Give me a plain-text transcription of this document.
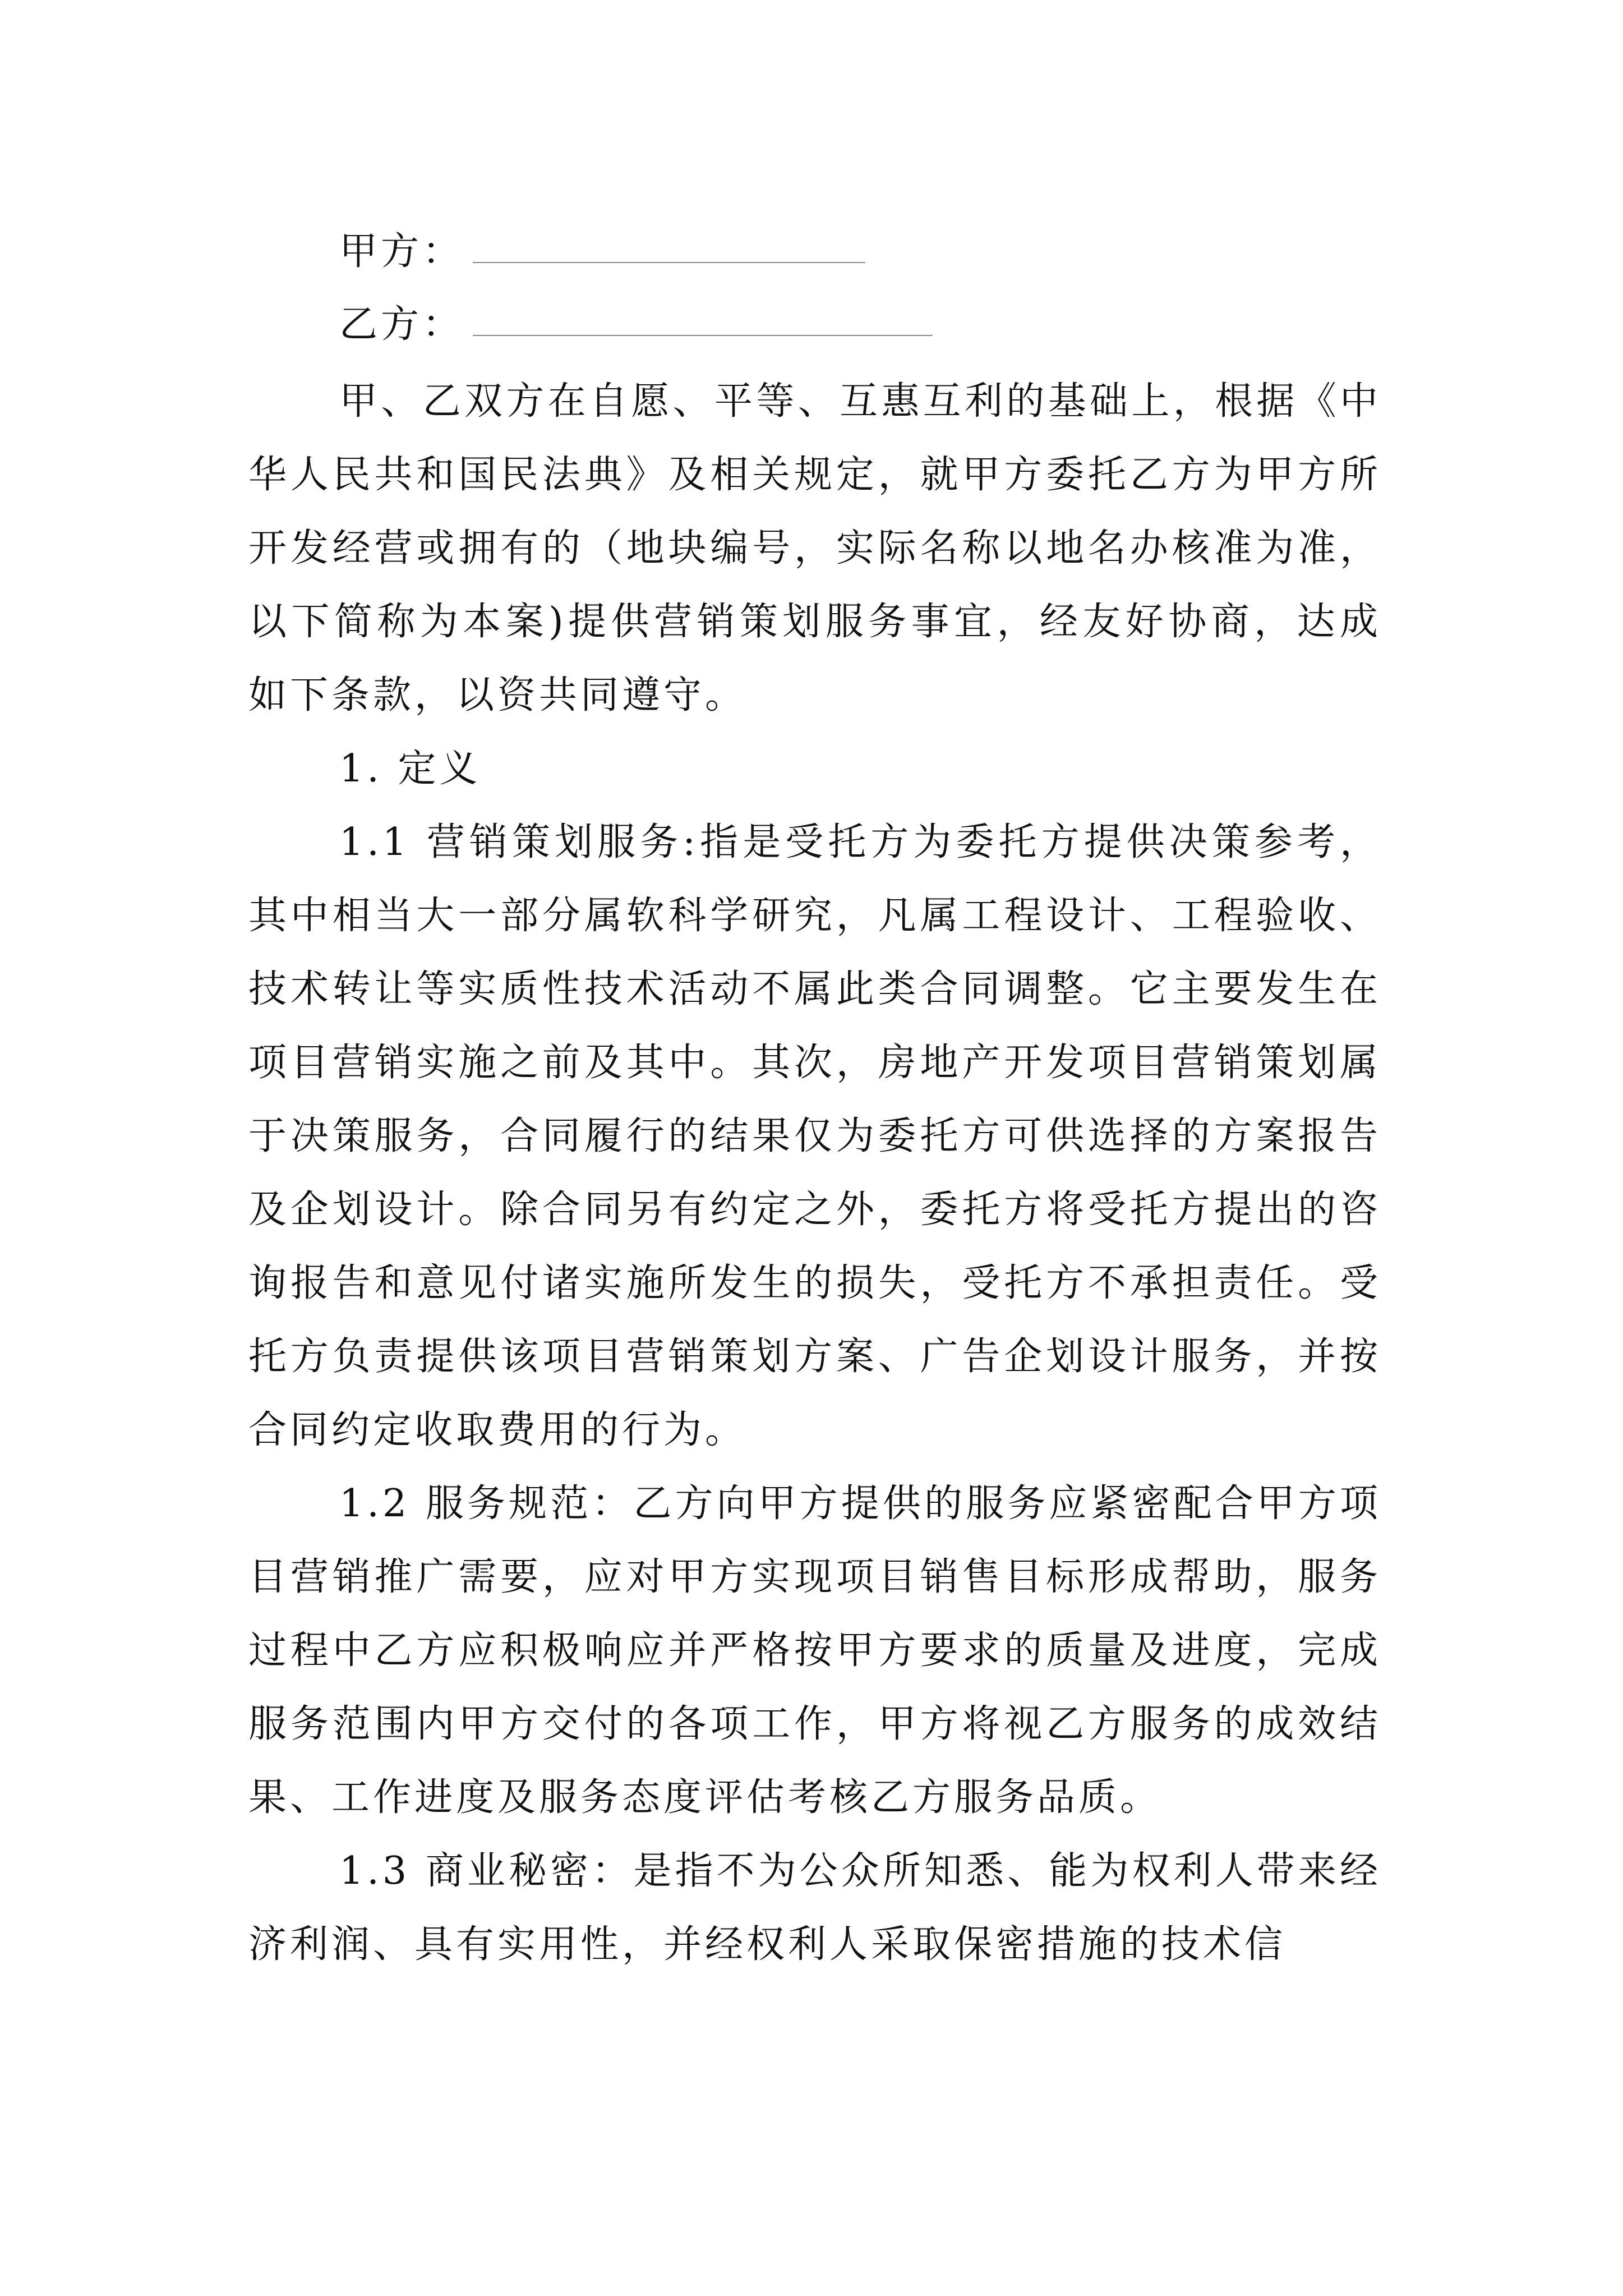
甲方：
乙方：

甲、乙双方在自愿、平等、互惠互利的基础上，根据《中华人民共和国民法典》及相关规定，就甲方委托乙方为甲方所开发经营或拥有的（地块编号，实际名称以地名办核准为准，以下简称为本案)提供营销策划服务事宜，经友好协商，达成如下条款，以资共同遵守。

1. 定义

1.1 营销策划服务:指是受托方为委托方提供决策参考，其中相当大一部分属软科学研究，凡属工程设计、工程验收、技术转让等实质性技术活动不属此类合同调整。它主要发生在项目营销实施之前及其中。其次，房地产开发项目营销策划属于决策服务，合同履行的结果仅为委托方可供选择的方案报告及企划设计。除合同另有约定之外，委托方将受托方提出的咨询报告和意见付诸实施所发生的损失，受托方不承担责任。受托方负责提供该项目营销策划方案、广告企划设计服务，并按合同约定收取费用的行为。

1.2 服务规范：乙方向甲方提供的服务应紧密配合甲方项目营销推广需要，应对甲方实现项目销售目标形成帮助，服务过程中乙方应积极响应并严格按甲方要求的质量及进度，完成服务范围内甲方交付的各项工作，甲方将视乙方服务的成效结果、工作进度及服务态度评估考核乙方服务品质。

1.3 商业秘密：是指不为公众所知悉、能为权利人带来经济利润、具有实用性，并经权利人采取保密措施的技术信
